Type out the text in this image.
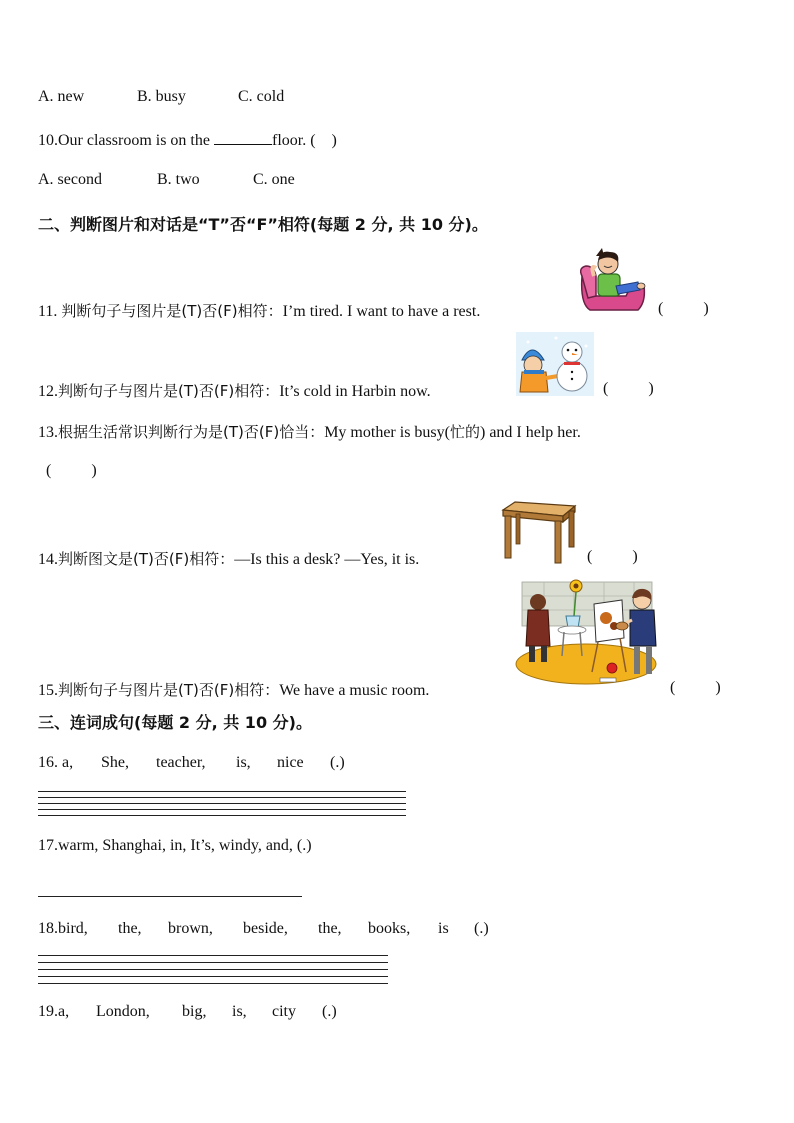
A. new	B. busy	C. cold
10.Our classroom is on the	floor. ( )
A. second	B. two	C. one
二、判断图片和对话是“T”否“F”相符(每题 2 分, 共 10 分)。
11. 判断句子与图片是(T)否(F)相符：I’m tired. I want to have a rest.	(          )
12.判断句子与图片是(T)否(F)相符：It’s cold in Harbin now.	(          )
13.根据生活常识判断行为是(T)否(F)恰当：My mother is busy(忙的) and I help her.
(          )
14.判断图文是(T)否(F)相符：—Is this a desk? —Yes, it is.	(          )
15.判断句子与图片是(T)否(F)相符：We have a music room.	(          )
三、连词成句(每题 2 分, 共 10 分)。
16. a, She, teacher, is, nice (.)
17.warm, Shanghai, in, It’s, windy, and, (.)
18.bird, the, brown, beside, the, books, is (.)
19.a, London, big, is, city (.)
